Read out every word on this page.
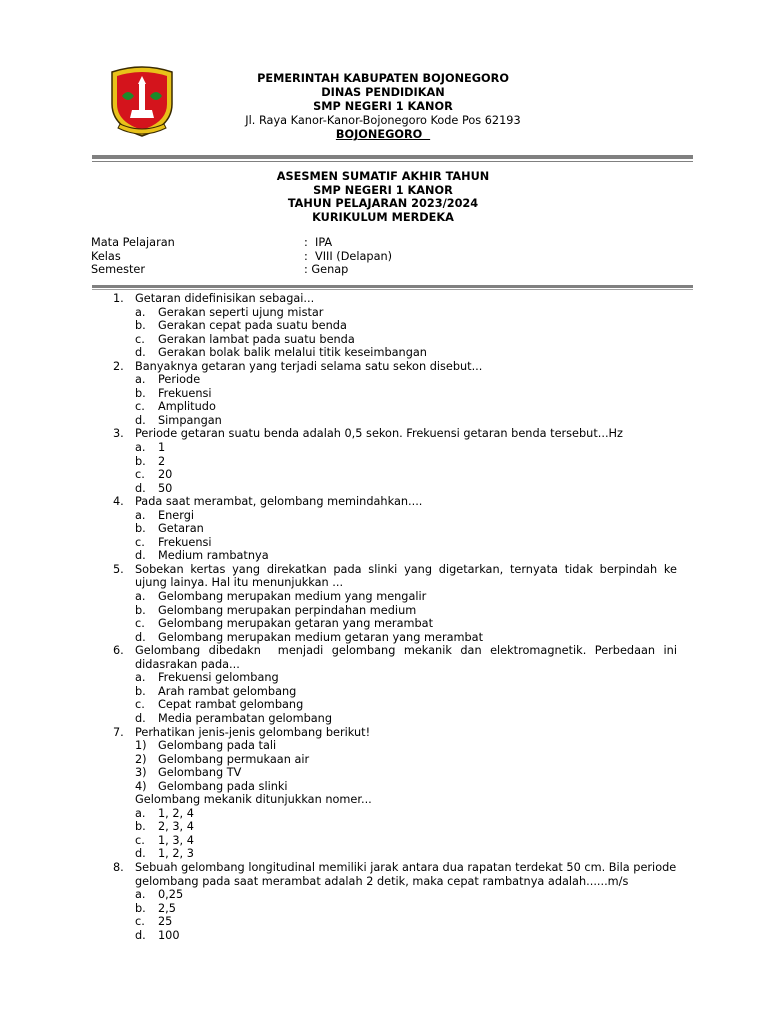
PEMERINTAH KABUPATEN BOJONEGORO
DINAS PENDIDIKAN
SMP NEGERI 1 KANOR
Jl. Raya Kanor-Kanor-Bojonegoro Kode Pos 62193
BOJONEGORO
ASESMEN SUMATIF AKHIR TAHUN
SMP NEGERI 1 KANOR
TAHUN PELAJARAN 2023/2024
KURIKULUM MERDEKA
Mata Pelajaran	:  IPA
Kelas	:  VIII (Delapan)
Semester	: Genap
1. Getaran didefinisikan sebagai...
a. Gerakan seperti ujung mistar
b. Gerakan cepat pada suatu benda
c. Gerakan lambat pada suatu benda
d. Gerakan bolak balik melalui titik keseimbangan
2. Banyaknya getaran yang terjadi selama satu sekon disebut...
a. Periode
b. Frekuensi
c. Amplitudo
d. Simpangan
3. Periode getaran suatu benda adalah 0,5 sekon. Frekuensi getaran benda tersebut...Hz
a. 1
b. 2
c. 20
d. 50
4. Pada saat merambat, gelombang memindahkan....
a. Energi
b. Getaran
c. Frekuensi
d. Medium rambatnya
5. Sobekan kertas yang direkatkan pada slinki yang digetarkan, ternyata tidak berpindah ke ujung lainya. Hal itu menunjukkan ...
a. Gelombang merupakan medium yang mengalir
b. Gelombang merupakan perpindahan medium
c. Gelombang merupakan getaran yang merambat
d. Gelombang merupakan medium getaran yang merambat
6. Gelombang dibedakn  menjadi gelombang mekanik dan elektromagnetik. Perbedaan ini didasrakan pada...
a. Frekuensi gelombang
b. Arah rambat gelombang
c. Cepat rambat gelombang
d. Media perambatan gelombang
7. Perhatikan jenis-jenis gelombang berikut!
1) Gelombang pada tali
2) Gelombang permukaan air
3) Gelombang TV
4) Gelombang pada slinki
Gelombang mekanik ditunjukkan nomer...
a. 1, 2, 4
b. 2, 3, 4
c. 1, 3, 4
d. 1, 2, 3
8. Sebuah gelombang longitudinal memiliki jarak antara dua rapatan terdekat 50 cm. Bila periode gelombang pada saat merambat adalah 2 detik, maka cepat rambatnya adalah......m/s
a. 0,25
b. 2,5
c. 25
d. 100
